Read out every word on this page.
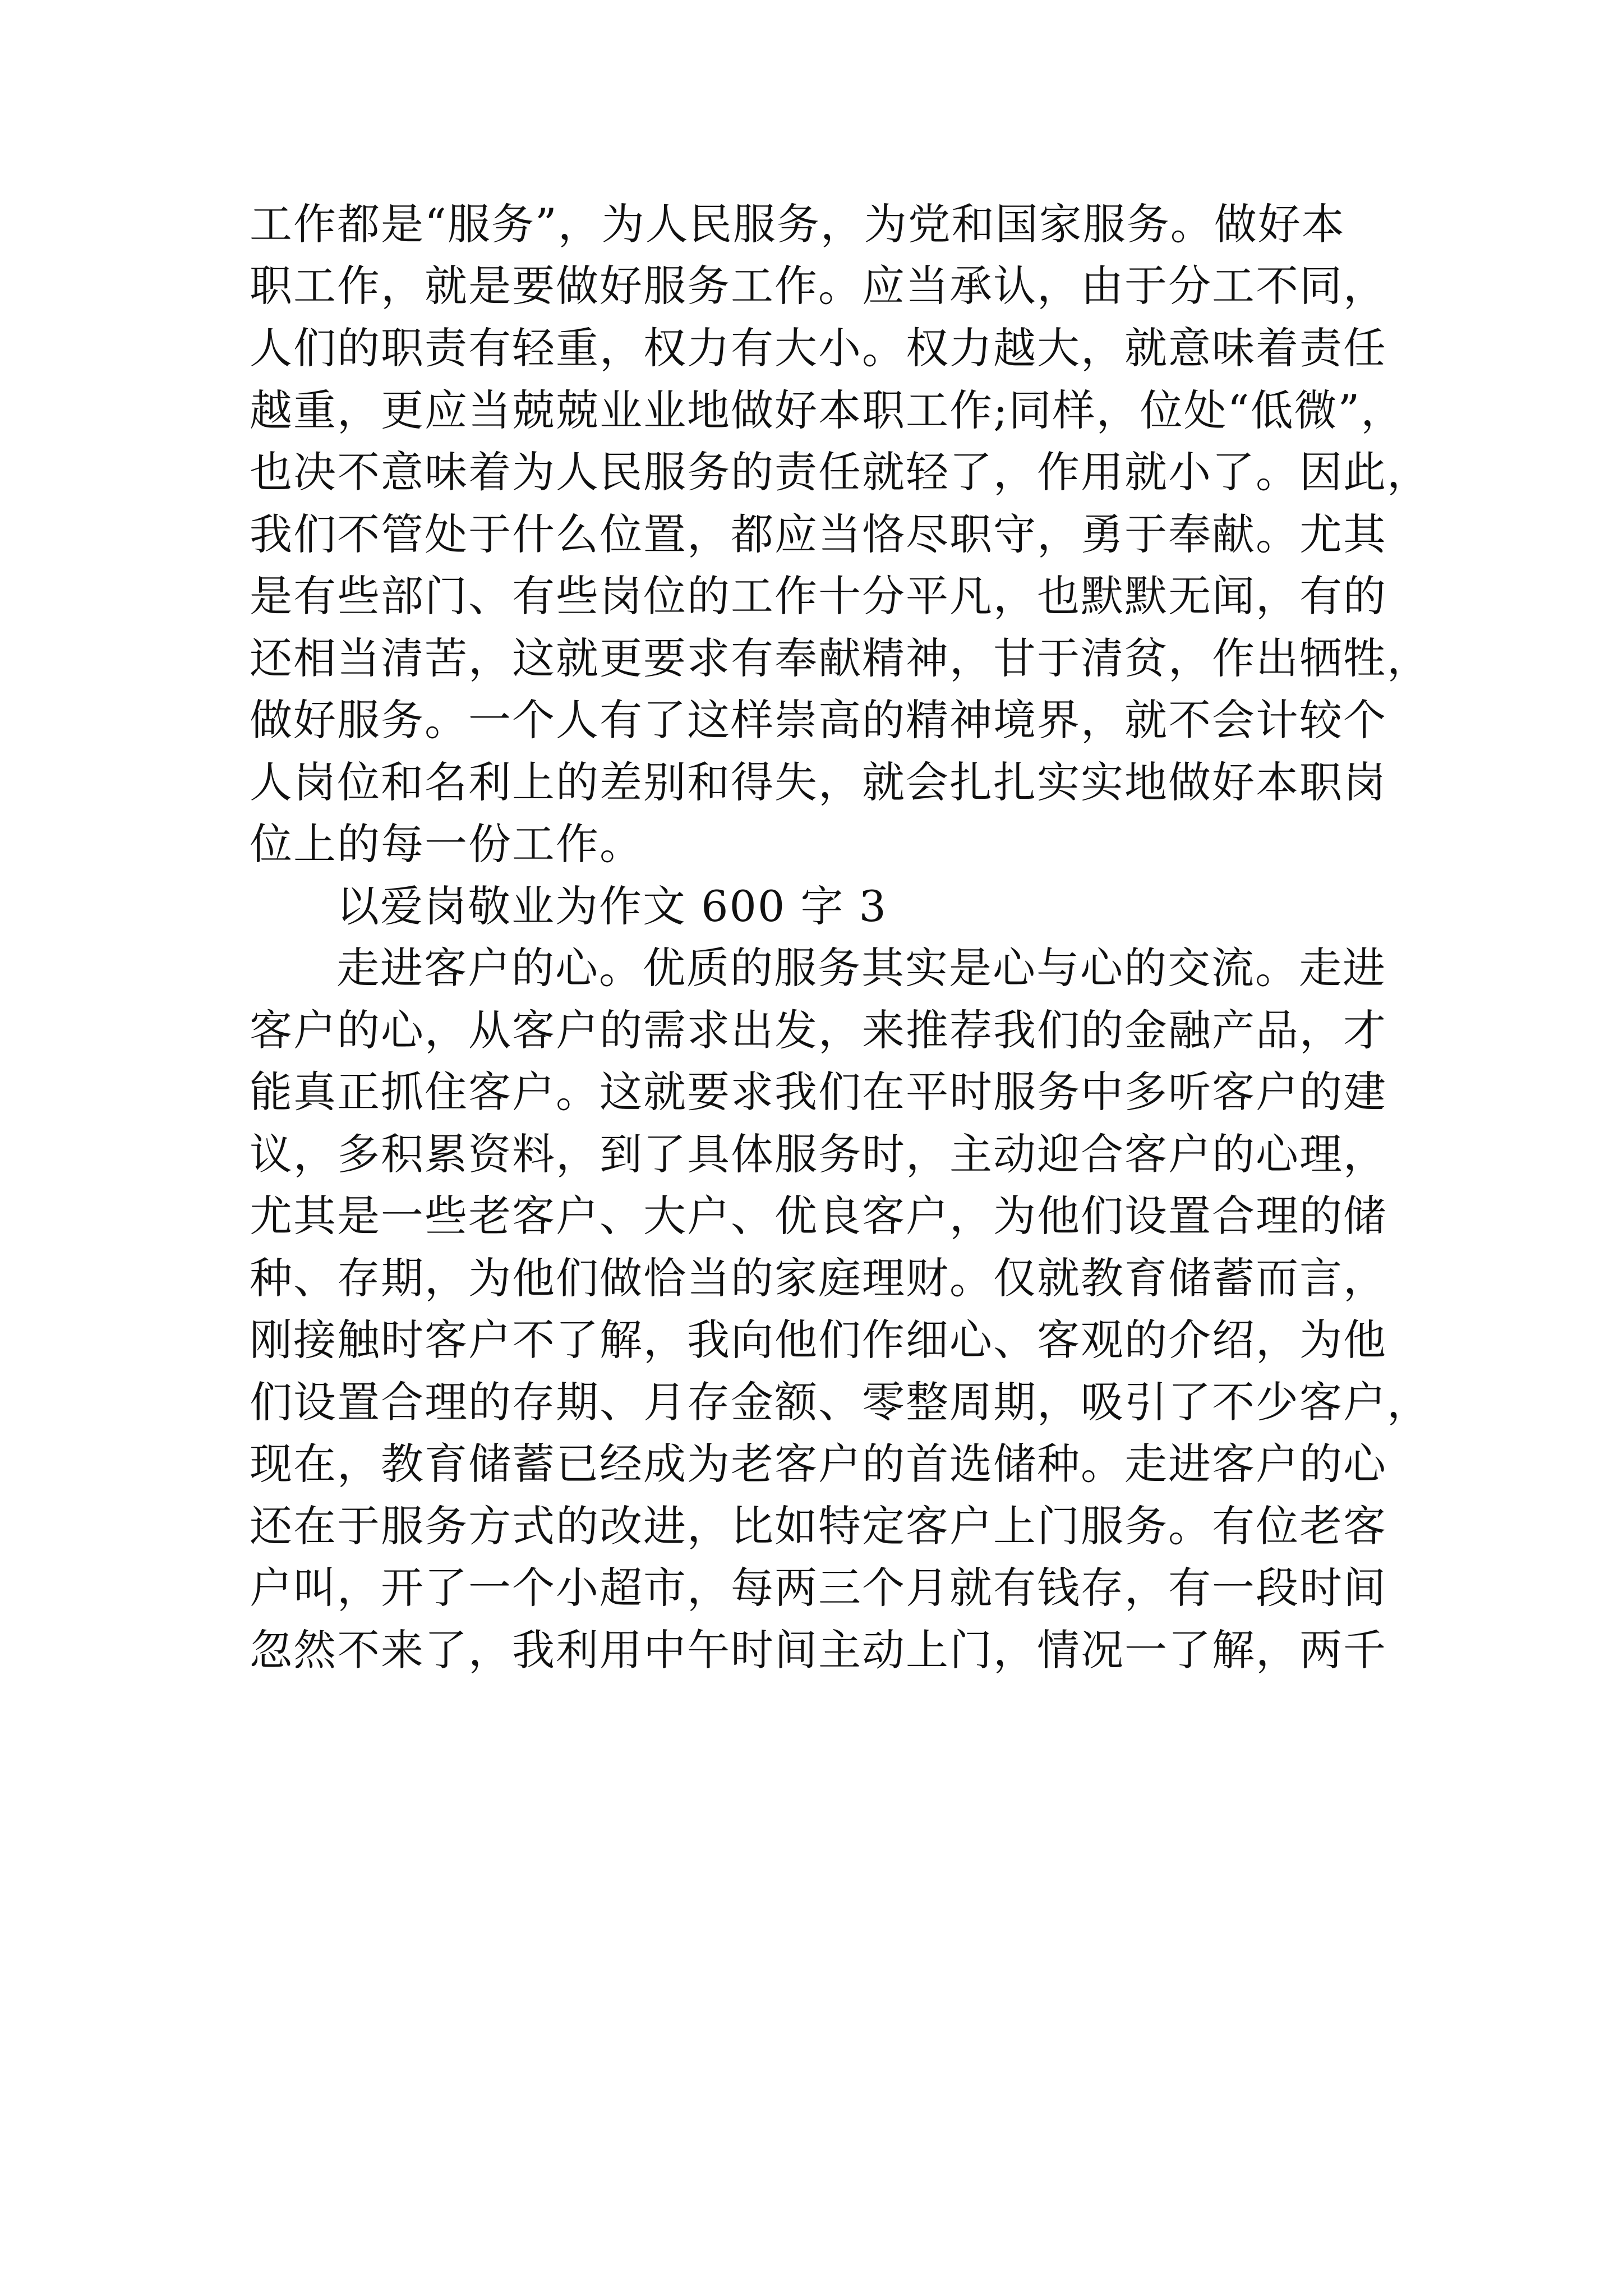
工作都是“服务”，为人民服务，为党和国家服务。做好本
职工作，就是要做好服务工作。应当承认，由于分工不同，
人们的职责有轻重，权力有大小。权力越大，就意味着责任
越重，更应当兢兢业业地做好本职工作;同样，位处“低微”，
也决不意味着为人民服务的责任就轻了，作用就小了。因此，
我们不管处于什么位置，都应当恪尽职守，勇于奉献。尤其
是有些部门、有些岗位的工作十分平凡，也默默无闻，有的
还相当清苦，这就更要求有奉献精神，甘于清贫，作出牺牲，
做好服务。一个人有了这样崇高的精神境界，就不会计较个
人岗位和名利上的差别和得失，就会扎扎实实地做好本职岗
位上的每一份工作。
以爱岗敬业为作文 600 字 3
走进客户的心。优质的服务其实是心与心的交流。走进
客户的心，从客户的需求出发，来推荐我们的金融产品，才
能真正抓住客户。这就要求我们在平时服务中多听客户的建
议，多积累资料，到了具体服务时，主动迎合客户的心理，
尤其是一些老客户、大户、优良客户，为他们设置合理的储
种、存期，为他们做恰当的家庭理财。仅就教育储蓄而言，
刚接触时客户不了解，我向他们作细心、客观的介绍，为他
们设置合理的存期、月存金额、零整周期，吸引了不少客户，
现在，教育储蓄已经成为老客户的首选储种。走进客户的心
还在于服务方式的改进，比如特定客户上门服务。有位老客
户叫，开了一个小超市，每两三个月就有钱存，有一段时间
忽然不来了，我利用中午时间主动上门，情况一了解，两千
